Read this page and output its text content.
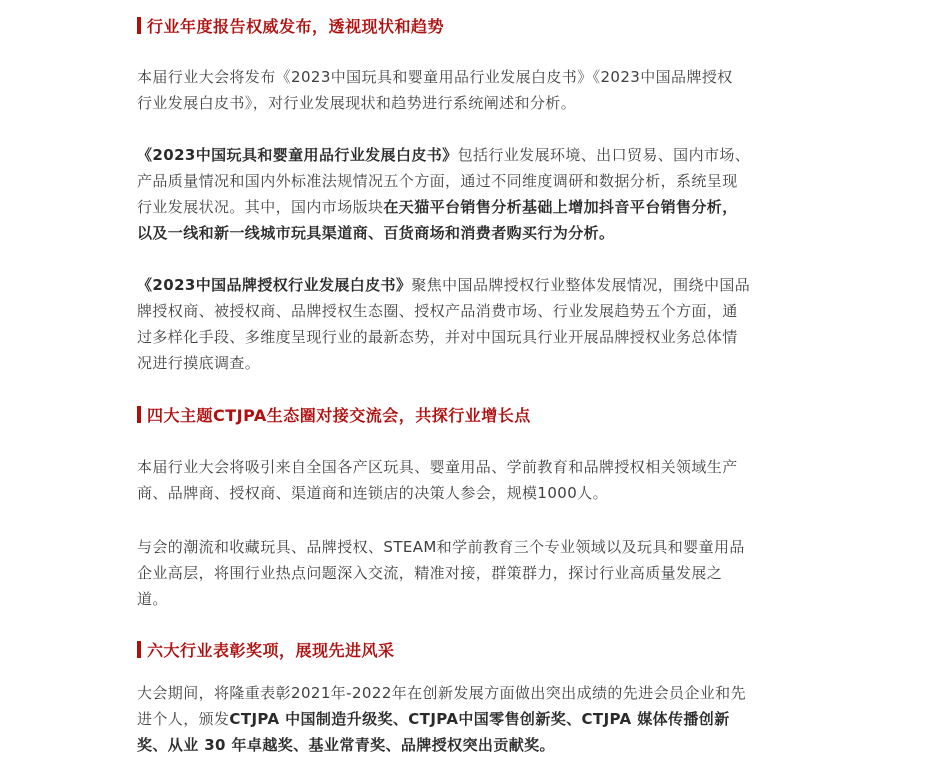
行业年度报告权威发布，透视现状和趋势

本届行业大会将发布《2023中国玩具和婴童用品行业发展白皮书》《2023中国品牌授权
行业发展白皮书》，对行业发展现状和趋势进行系统阐述和分析。

《2023中国玩具和婴童用品行业发展白皮书》包括行业发展环境、出口贸易、国内市场、
产品质量情况和国内外标准法规情况五个方面，通过不同维度调研和数据分析，系统呈现
行业发展状况。其中，国内市场版块在天猫平台销售分析基础上增加抖音平台销售分析，
以及一线和新一线城市玩具渠道商、百货商场和消费者购买行为分析。

《2023中国品牌授权行业发展白皮书》聚焦中国品牌授权行业整体发展情况，围绕中国品
牌授权商、被授权商、品牌授权生态圈、授权产品消费市场、行业发展趋势五个方面，通
过多样化手段、多维度呈现行业的最新态势，并对中国玩具行业开展品牌授权业务总体情
况进行摸底调查。

四大主题CTJPA生态圈对接交流会，共探行业增长点

本届行业大会将吸引来自全国各产区玩具、婴童用品、学前教育和品牌授权相关领域生产
商、品牌商、授权商、渠道商和连锁店的决策人参会，规模1000人。

与会的潮流和收藏玩具、品牌授权、STEAM和学前教育三个专业领域以及玩具和婴童用品
企业高层，将围行业热点问题深入交流，精准对接，群策群力，探讨行业高质量发展之
道。

六大行业表彰奖项，展现先进风采

大会期间，将隆重表彰2021年-2022年在创新发展方面做出突出成绩的先进会员企业和先
进个人，颁发CTJPA 中国制造升级奖、CTJPA中国零售创新奖、CTJPA 媒体传播创新
奖、从业 30 年卓越奖、基业常青奖、品牌授权突出贡献奖。
